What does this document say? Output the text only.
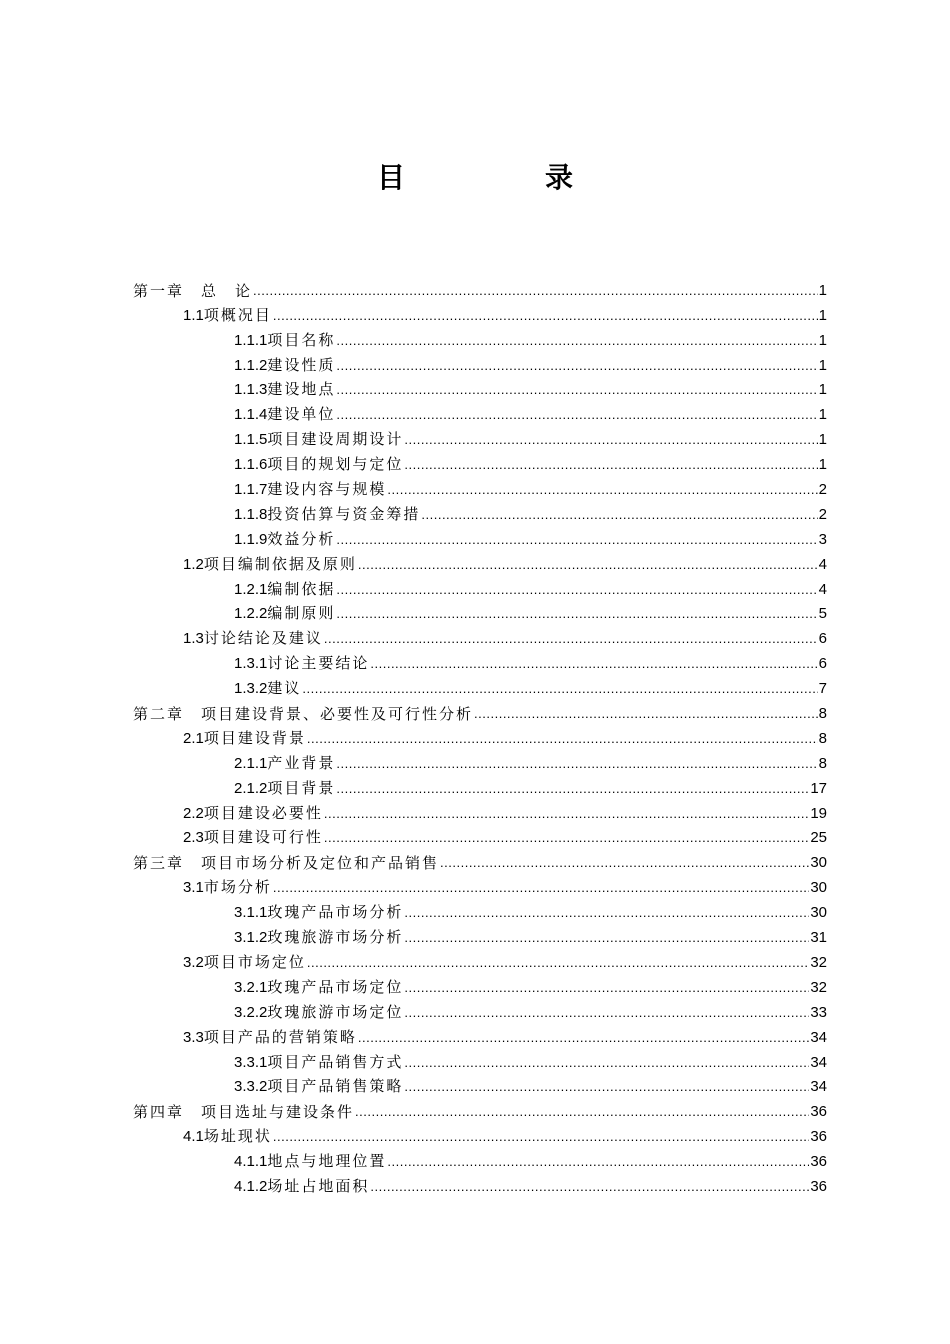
目　录
第一章　总　论 .....	1
1.1项概况目 .....	1
1.1.1项目名称 .....	1
1.1.2建设性质 .....	1
1.1.3建设地点 .....	1
1.1.4建设单位 .....	1
1.1.5项目建设周期设计 .....	1
1.1.6项目的规划与定位 .....	1
1.1.7建设内容与规模 .....	2
1.1.8投资估算与资金筹措 .....	2
1.1.9效益分析 .....	3
1.2项目编制依据及原则 .....	4
1.2.1编制依据 .....	4
1.2.2编制原则 .....	5
1.3讨论结论及建议 .....	6
1.3.1讨论主要结论 .....	6
1.3.2建议 .....	7
第二章　项目建设背景、必要性及可行性分析 .....	8
2.1项目建设背景 .....	8
2.1.1产业背景 .....	8
2.1.2项目背景 .....	17
2.2项目建设必要性 .....	19
2.3项目建设可行性 .....	25
第三章　项目市场分析及定位和产品销售 .....	30
3.1市场分析 .....	30
3.1.1玫瑰产品市场分析 .....	30
3.1.2玫瑰旅游市场分析 .....	31
3.2项目市场定位 .....	32
3.2.1玫瑰产品市场定位 .....	32
3.2.2玫瑰旅游市场定位 .....	33
3.3项目产品的营销策略 .....	34
3.3.1项目产品销售方式 .....	34
3.3.2项目产品销售策略 .....	34
第四章　项目选址与建设条件 .....	36
4.1场址现状 .....	36
4.1.1地点与地理位置 .....	36
4.1.2场址占地面积 .....	36
